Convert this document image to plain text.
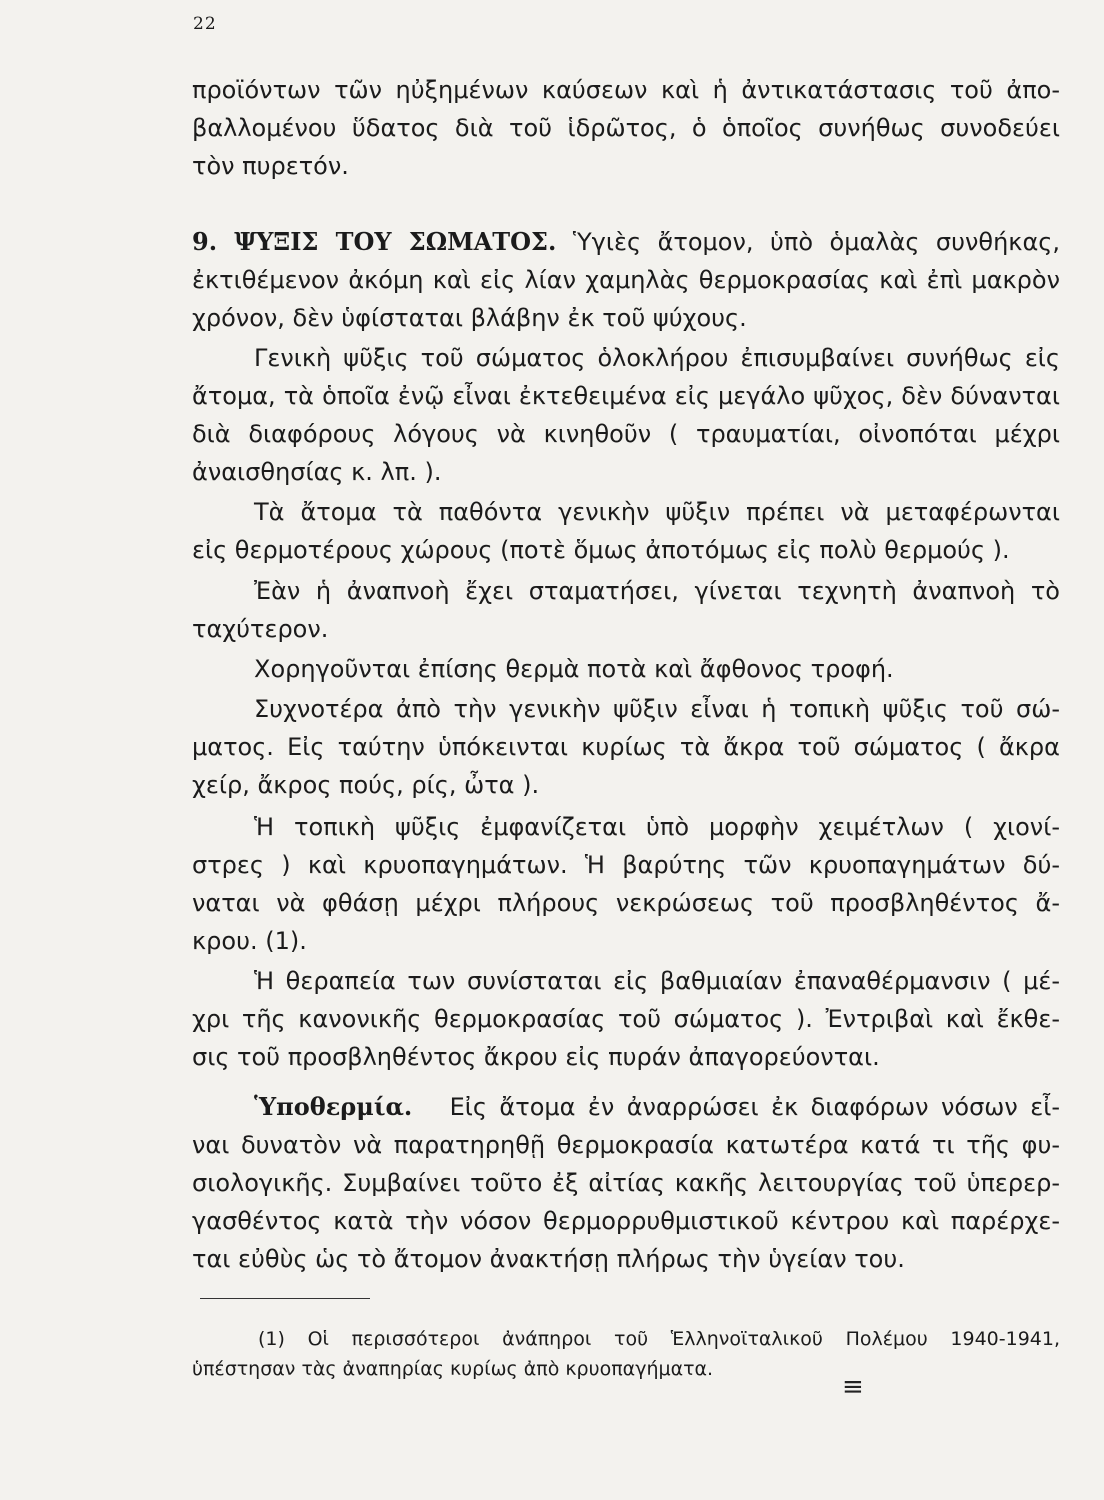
22
προϊόντων τῶν ηὐξημένων καύσεων καὶ ἡ ἀντικατάστασις τοῦ ἀπο-
βαλλομένου ὕδατος διὰ τοῦ ἱδρῶτος, ὁ ὁποῖος συνήθως συνοδεύει
τὸν πυρετόν.
9. ΨΥΞΙΣ ΤΟΥ ΣΩΜΑΤΟΣ. Ὑγιὲς ἄτομον, ὑπὸ ὁμαλὰς συνθήκας,
ἐκτιθέμενον ἀκόμη καὶ εἰς λίαν χαμηλὰς θερμοκρασίας καὶ ἐπὶ μακρὸν
χρόνον, δὲν ὑφίσταται βλάβην ἐκ τοῦ ψύχους.
Γενικὴ ψῦξις τοῦ σώματος ὁλοκλήρου ἐπισυμβαίνει συνήθως εἰς
ἄτομα, τὰ ὁποῖα ἐνῷ εἶναι ἐκτεθειμένα εἰς μεγάλο ψῦχος, δὲν δύνανται
διὰ διαφόρους λόγους νὰ κινηθοῦν ( τραυματίαι, οἰνοπόται μέχρι
ἀναισθησίας κ. λπ. ).
Τὰ ἄτομα τὰ παθόντα γενικὴν ψῦξιν πρέπει νὰ μεταφέρωνται
εἰς θερμοτέρους χώρους (ποτὲ ὅμως ἀποτόμως εἰς πολὺ θερμούς ).
Ἐὰν ἡ ἀναπνοὴ ἔχει σταματήσει, γίνεται τεχνητὴ ἀναπνοὴ τὸ
ταχύτερον.
Χορηγοῦνται ἐπίσης θερμὰ ποτὰ καὶ ἄφθονος τροφή.
Συχνοτέρα ἀπὸ τὴν γενικὴν ψῦξιν εἶναι ἡ τοπικὴ ψῦξις τοῦ σώ-
ματος. Εἰς ταύτην ὑπόκεινται κυρίως τὰ ἄκρα τοῦ σώματος ( ἄκρα
χείρ, ἄκρος πούς, ρίς, ὦτα ).
Ἡ τοπικὴ ψῦξις ἐμφανίζεται ὑπὸ μορφὴν χειμέτλων ( χιονί-
στρες ) καὶ κρυοπαγημάτων. Ἡ βαρύτης τῶν κρυοπαγημάτων δύ-
ναται νὰ φθάσῃ μέχρι πλήρους νεκρώσεως τοῦ προσβληθέντος ἄ-
κρου. (1).
Ἡ θεραπεία των συνίσταται εἰς βαθμιαίαν ἐπαναθέρμανσιν ( μέ-
χρι τῆς κανονικῆς θερμοκρασίας τοῦ σώματος ). Ἐντριβαὶ καὶ ἔκθε-
σις τοῦ προσβληθέντος ἄκρου εἰς πυράν ἀπαγορεύονται.
Ὑποθερμία. Εἰς ἄτομα ἐν ἀναρρώσει ἐκ διαφόρων νόσων εἶ-
ναι δυνατὸν νὰ παρατηρηθῇ θερμοκρασία κατωτέρα κατά τι τῆς φυ-
σιολογικῆς. Συμβαίνει τοῦτο ἐξ αἰτίας κακῆς λειτουργίας τοῦ ὑπερερ-
γασθέντος κατὰ τὴν νόσον θερμορρυθμιστικοῦ κέντρου καὶ παρέρχε-
ται εὐθὺς ὡς τὸ ἄτομον ἀνακτήσῃ πλήρως τὴν ὑγείαν του.
(1) Οἱ περισσότεροι ἀνάπηροι τοῦ Ἑλληνοϊταλικοῦ Πολέμου 1940-1941,
ὑπέστησαν τὰς ἀναπηρίας κυρίως ἀπὸ κρυοπαγήματα.
≡
